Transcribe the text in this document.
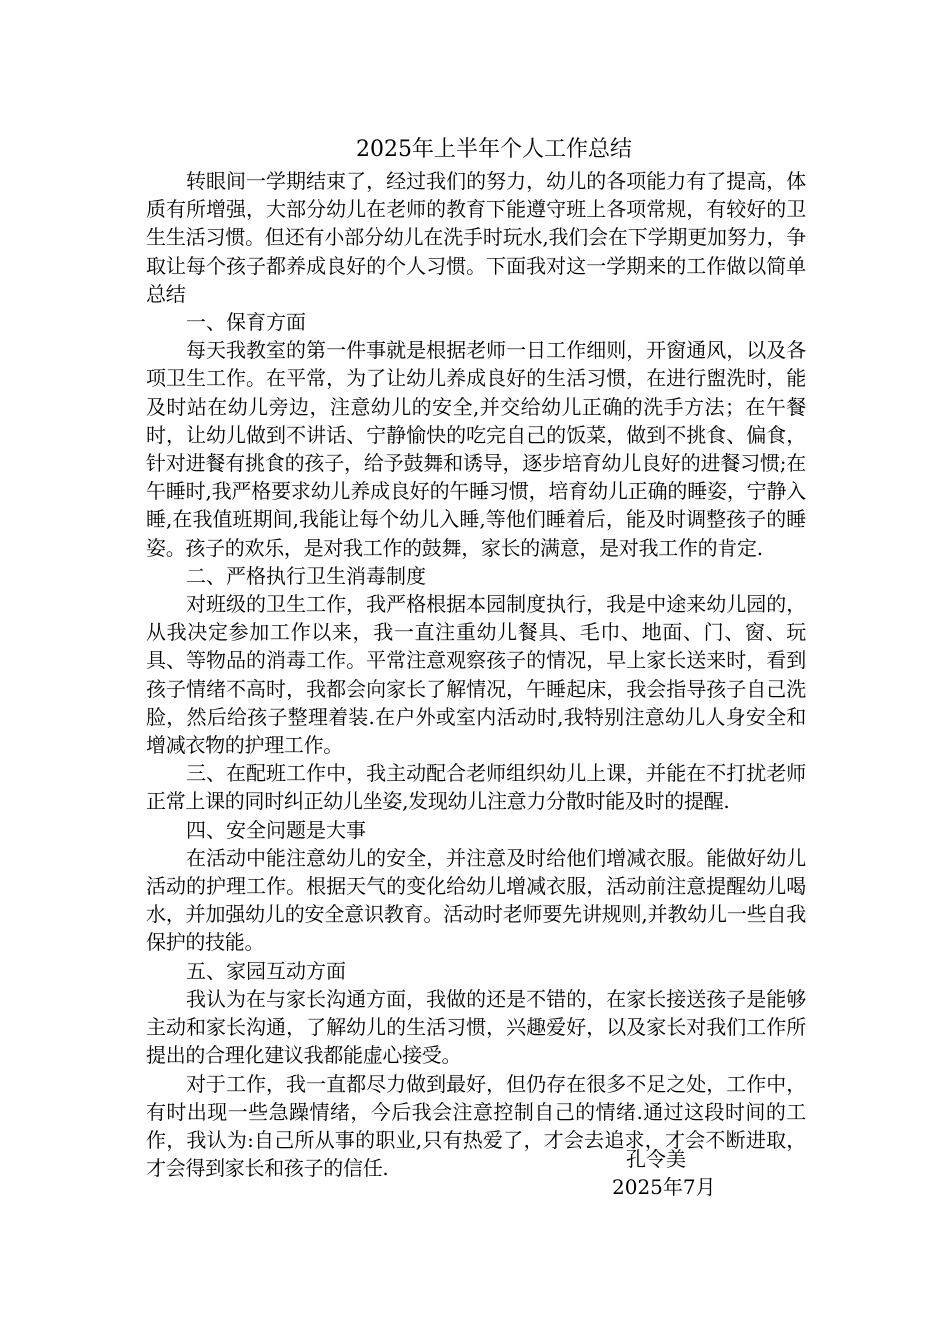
2025年上半年个人工作总结

转眼间一学期结束了，经过我们的努力，幼儿的各项能力有了提高，体质有所增强，大部分幼儿在老师的教育下能遵守班上各项常规，有较好的卫生生活习惯。但还有小部分幼儿在洗手时玩水,我们会在下学期更加努力，争取让每个孩子都养成良好的个人习惯。下面我对这一学期来的工作做以简单总结

一、保育方面

每天我教室的第一件事就是根据老师一日工作细则，开窗通风，以及各项卫生工作。在平常，为了让幼儿养成良好的生活习惯，在进行盥洗时，能及时站在幼儿旁边，注意幼儿的安全,并交给幼儿正确的洗手方法；在午餐时，让幼儿做到不讲话、宁静愉快的吃完自己的饭菜，做到不挑食、偏食，针对进餐有挑食的孩子，给予鼓舞和诱导，逐步培育幼儿良好的进餐习惯;在午睡时,我严格要求幼儿养成良好的午睡习惯，培育幼儿正确的睡姿，宁静入睡,在我值班期间,我能让每个幼儿入睡,等他们睡着后，能及时调整孩子的睡姿。孩子的欢乐，是对我工作的鼓舞，家长的满意，是对我工作的肯定.

二、严格执行卫生消毒制度

对班级的卫生工作，我严格根据本园制度执行，我是中途来幼儿园的，从我决定参加工作以来，我一直注重幼儿餐具、毛巾、地面、门、窗、玩具、等物品的消毒工作。平常注意观察孩子的情况，早上家长送来时，看到孩子情绪不高时，我都会向家长了解情况，午睡起床，我会指导孩子自己洗脸，然后给孩子整理着装.在户外或室内活动时,我特别注意幼儿人身安全和增减衣物的护理工作。

三、在配班工作中，我主动配合老师组织幼儿上课，并能在不打扰老师正常上课的同时纠正幼儿坐姿,发现幼儿注意力分散时能及时的提醒.

四、安全问题是大事

在活动中能注意幼儿的安全，并注意及时给他们增减衣服。能做好幼儿活动的护理工作。根据天气的变化给幼儿增减衣服，活动前注意提醒幼儿喝水，并加强幼儿的安全意识教育。活动时老师要先讲规则,并教幼儿一些自我保护的技能。

五、家园互动方面

我认为在与家长沟通方面，我做的还是不错的，在家长接送孩子是能够主动和家长沟通，了解幼儿的生活习惯，兴趣爱好，以及家长对我们工作所提出的合理化建议我都能虚心接受。

对于工作，我一直都尽力做到最好，但仍存在很多不足之处，工作中，有时出现一些急躁情绪，今后我会注意控制自己的情绪.通过这段时间的工作，我认为:自己所从事的职业,只有热爱了，才会去追求，才会不断进取，才会得到家长和孩子的信任.	孔令美
2025年7月
